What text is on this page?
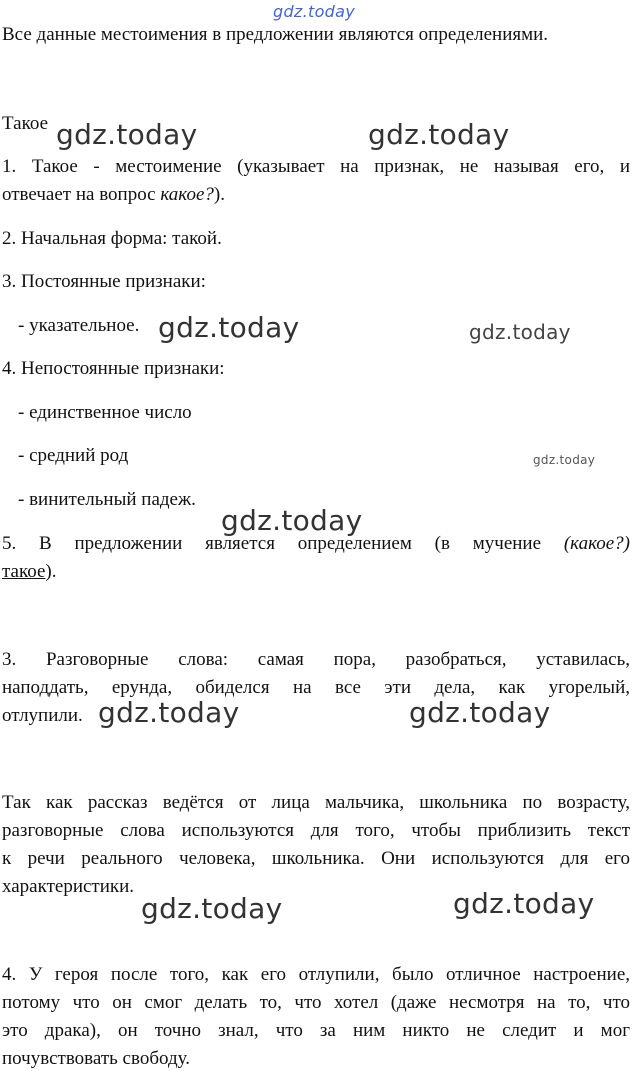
gdz.today
Все данные местоимения в предложении являются определениями.
Такое
1. Такое - местоимение (указывает на признак, не называя его, и
отвечает на вопрос какое?).
2. Начальная форма: такой.
3. Постоянные признаки:
- указательное.
4. Непостоянные признаки:
- единственное число
- средний род
- винительный падеж.
5. В предложении является определением (в мучение (какое?)
такое).
3. Разговорные слова: самая пора, разобраться, уставилась,
наподдать, ерунда, обиделся на все эти дела, как угорелый,
отлупили.
Так как рассказ ведётся от лица мальчика, школьника по возрасту,
разговорные слова используются для того, чтобы приблизить текст
к речи реального человека, школьника. Они используются для его
характеристики.
4. У героя после того, как его отлупили, было отличное настроение,
потому что он смог делать то, что хотел (даже несмотря на то, что
это драка), он точно знал, что за ним никто не следит и мог
почувствовать свободу.
gdz.today	gdz.today
gdz.today	gdz.today
gdz.today
gdz.today
gdz.today	gdz.today
gdz.today	gdz.today
